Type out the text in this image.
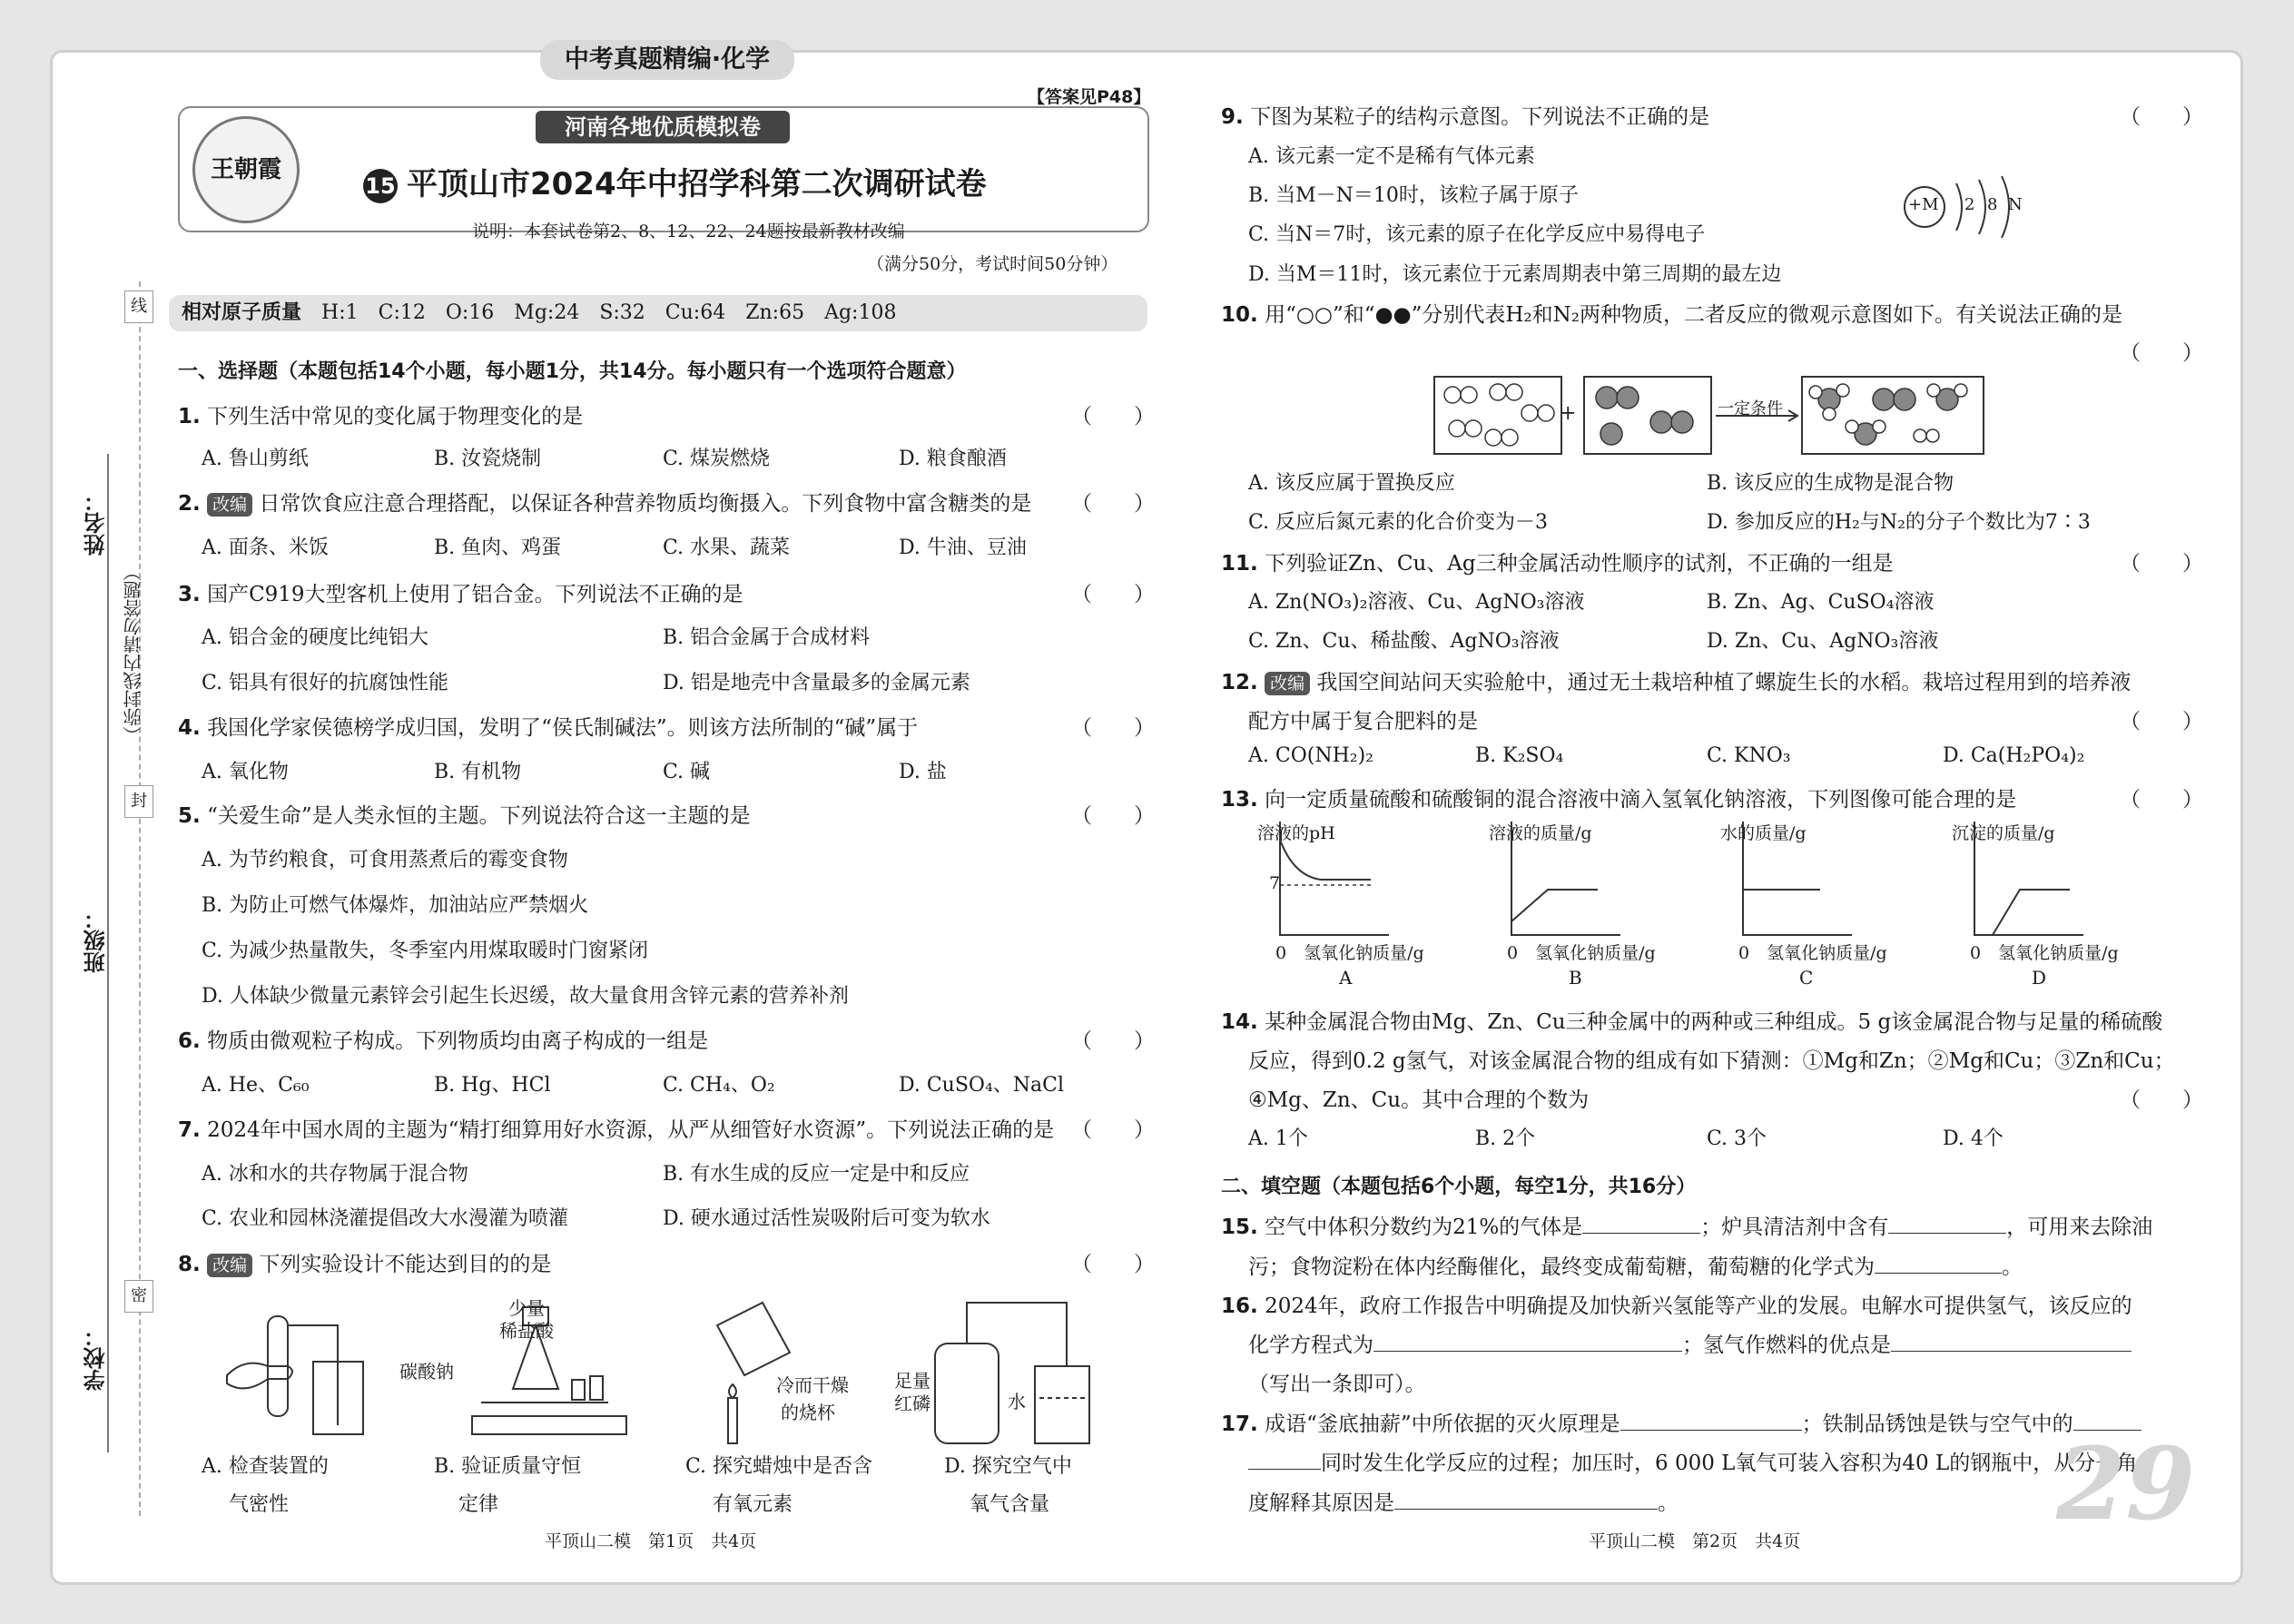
中考真题精编·化学
姓名：
班级：
学校：
（弥封线内请勿答题）
线
封
密
【答案见P48】
王朝霞
河南各地优质模拟卷
15 平顶山市2024年中招学科第二次调研试卷
说明：本套试卷第2、8、12、22、24题按最新教材改编
（满分50分，考试时间50分钟）
相对原子质量　 H:1　C:12　O:16　Mg:24　S:32　Cu:64　Zn:65　Ag:108
一、选择题（本题包括14个小题，每小题1分，共14分。每小题只有一个选项符合题意）
1. 下列生活中常见的变化属于物理变化的是	（　　）
A. 鲁山剪纸	B. 汝瓷烧制	C. 煤炭燃烧	D. 粮食酿酒
2. 改编 日常饮食应注意合理搭配，以保证各种营养物质均衡摄入。下列食物中富含糖类的是 （　　）
A. 面条、米饭	B. 鱼肉、鸡蛋	C. 水果、蔬菜	D. 牛油、豆油
3. 国产C919大型客机上使用了铝合金。下列说法不正确的是	（　　）
A. 铝合金的硬度比纯铝大	B. 铝合金属于合成材料
C. 铝具有很好的抗腐蚀性能	D. 铝是地壳中含量最多的金属元素
4. 我国化学家侯德榜学成归国，发明了“侯氏制碱法”。则该方法所制的“碱”属于	（　　）
A. 氧化物	B. 有机物	C. 碱	D. 盐
5. “关爱生命”是人类永恒的主题。下列说法符合这一主题的是	（　　）
A. 为节约粮食，可食用蒸煮后的霉变食物
B. 为防止可燃气体爆炸，加油站应严禁烟火
C. 为减少热量散失，冬季室内用煤取暖时门窗紧闭
D. 人体缺少微量元素锌会引起生长迟缓，故大量食用含锌元素的营养补剂
6. 物质由微观粒子构成。下列物质均由离子构成的一组是	（　　）
A. He、C₆₀	B. Hg、HCl	C. CH₄、O₂	D. CuSO₄、NaCl
7. 2024年中国水周的主题为“精打细算用好水资源，从严从细管好水资源”。下列说法正确的是 （　　）
A. 冰和水的共存物属于混合物	B. 有水生成的反应一定是中和反应
C. 农业和园林浇灌提倡改大水漫灌为喷灌	D. 硬水通过活性炭吸附后可变为软水
8. 改编 下列实验设计不能达到目的的是	（　　）
少量
稀盐酸
碳酸钠
冷而干燥
的烧杯
足量
红磷	水
A. 检查装置的
气密性
B. 验证质量守恒
定律
C. 探究蜡烛中是否含
有氧元素
D. 探究空气中
氧气含量
平顶山二模　第1页　共4页
9. 下图为某粒子的结构示意图。下列说法不正确的是	（　　）
A. 该元素一定不是稀有气体元素
B. 当M－N＝10时，该粒子属于原子
C. 当N＝7时，该元素的原子在化学反应中易得电子
D. 当M＝11时，该元素位于元素周期表中第三周期的最左边
+M 2 8 N
10. 用“○○”和“●●”分别代表H₂和N₂两种物质，二者反应的微观示意图如下。有关说法正确的是
（　　）
+	一定条件
A. 该反应属于置换反应	B. 该反应的生成物是混合物
C. 反应后氮元素的化合价变为－3	D. 参加反应的H₂与N₂的分子个数比为7∶3
11. 下列验证Zn、Cu、Ag三种金属活动性顺序的试剂，不正确的一组是	（　　）
A. Zn(NO₃)₂溶液、Cu、AgNO₃溶液	B. Zn、Ag、CuSO₄溶液
C. Zn、Cu、稀盐酸、AgNO₃溶液	D. Zn、Cu、AgNO₃溶液
12. 改编 我国空间站问天实验舱中，通过无土栽培种植了螺旋生长的水稻。栽培过程用到的培养液
配方中属于复合肥料的是	（　　）
A. CO(NH₂)₂	B. K₂SO₄	C. KNO₃	D. Ca(H₂PO₄)₂
13. 向一定质量硫酸和硫酸铜的混合溶液中滴入氢氧化钠溶液，下列图像可能合理的是	（　　）
溶液的pH
7
0　氢氧化钠质量/g
A
溶液的质量/g
0　氢氧化钠质量/g
B
水的质量/g
0　氢氧化钠质量/g
C
沉淀的质量/g
0　氢氧化钠质量/g
D
14. 某种金属混合物由Mg、Zn、Cu三种金属中的两种或三种组成。5 g该金属混合物与足量的稀硫酸
反应，得到0.2 g氢气，对该金属混合物的组成有如下猜测：①Mg和Zn；②Mg和Cu；③Zn和Cu；
④Mg、Zn、Cu。其中合理的个数为	（　　）
A. 1个	B. 2个	C. 3个	D. 4个
二、填空题（本题包括6个小题，每空1分，共16分）
15. 空气中体积分数约为21%的气体是	；炉具清洁剂中含有	，可用来去除油
污；食物淀粉在体内经酶催化，最终变成葡萄糖，葡萄糖的化学式为	。
16. 2024年，政府工作报告中明确提及加快新兴氢能等产业的发展。电解水可提供氢气，该反应的
化学方程式为	；氢气作燃料的优点是
（写出一条即可）。
17. 成语“釜底抽薪”中所依据的灭火原理是	；铁制品锈蚀是铁与空气中的
同时发生化学反应的过程；加压时，6 000 L氧气可装入容积为40 L的钢瓶中，从分子角
度解释其原因是	。	29
平顶山二模　第2页　共4页
